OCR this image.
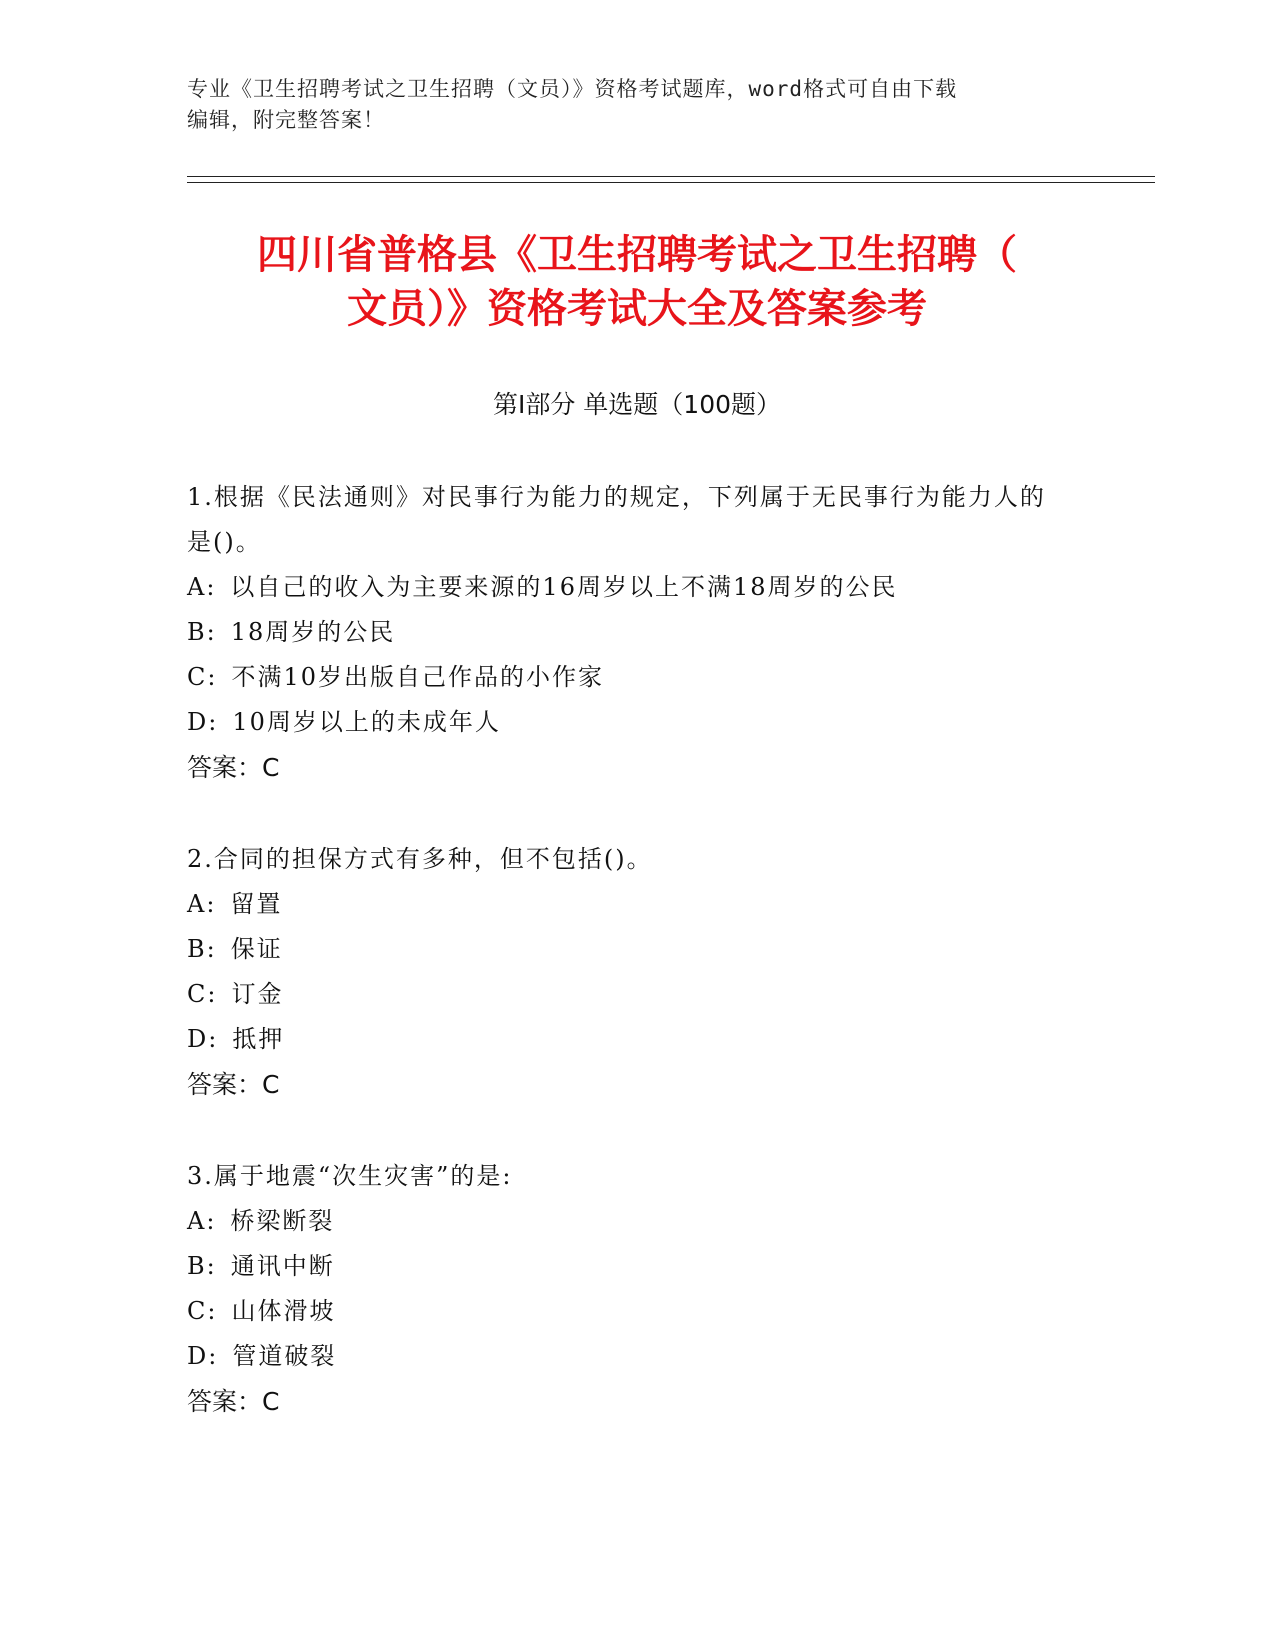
专业《卫生招聘考试之卫生招聘（文员）》资格考试题库，word格式可自由下载
编辑，附完整答案！
四川省普格县《卫生招聘考试之卫生招聘（
文员）》资格考试大全及答案参考
第Ⅰ部分 单选题（100题）
1.根据《民法通则》对民事行为能力的规定，下列属于无民事行为能力人的是()。
A: 以自己的收入为主要来源的16周岁以上不满18周岁的公民
B: 18周岁的公民
C: 不满10岁出版自己作品的小作家
D: 10周岁以上的未成年人
答案：C
2.合同的担保方式有多种，但不包括()。
A: 留置
B: 保证
C: 订金
D: 抵押
答案：C
3.属于地震“次生灾害”的是:
A: 桥梁断裂
B: 通讯中断
C: 山体滑坡
D: 管道破裂
答案：C
